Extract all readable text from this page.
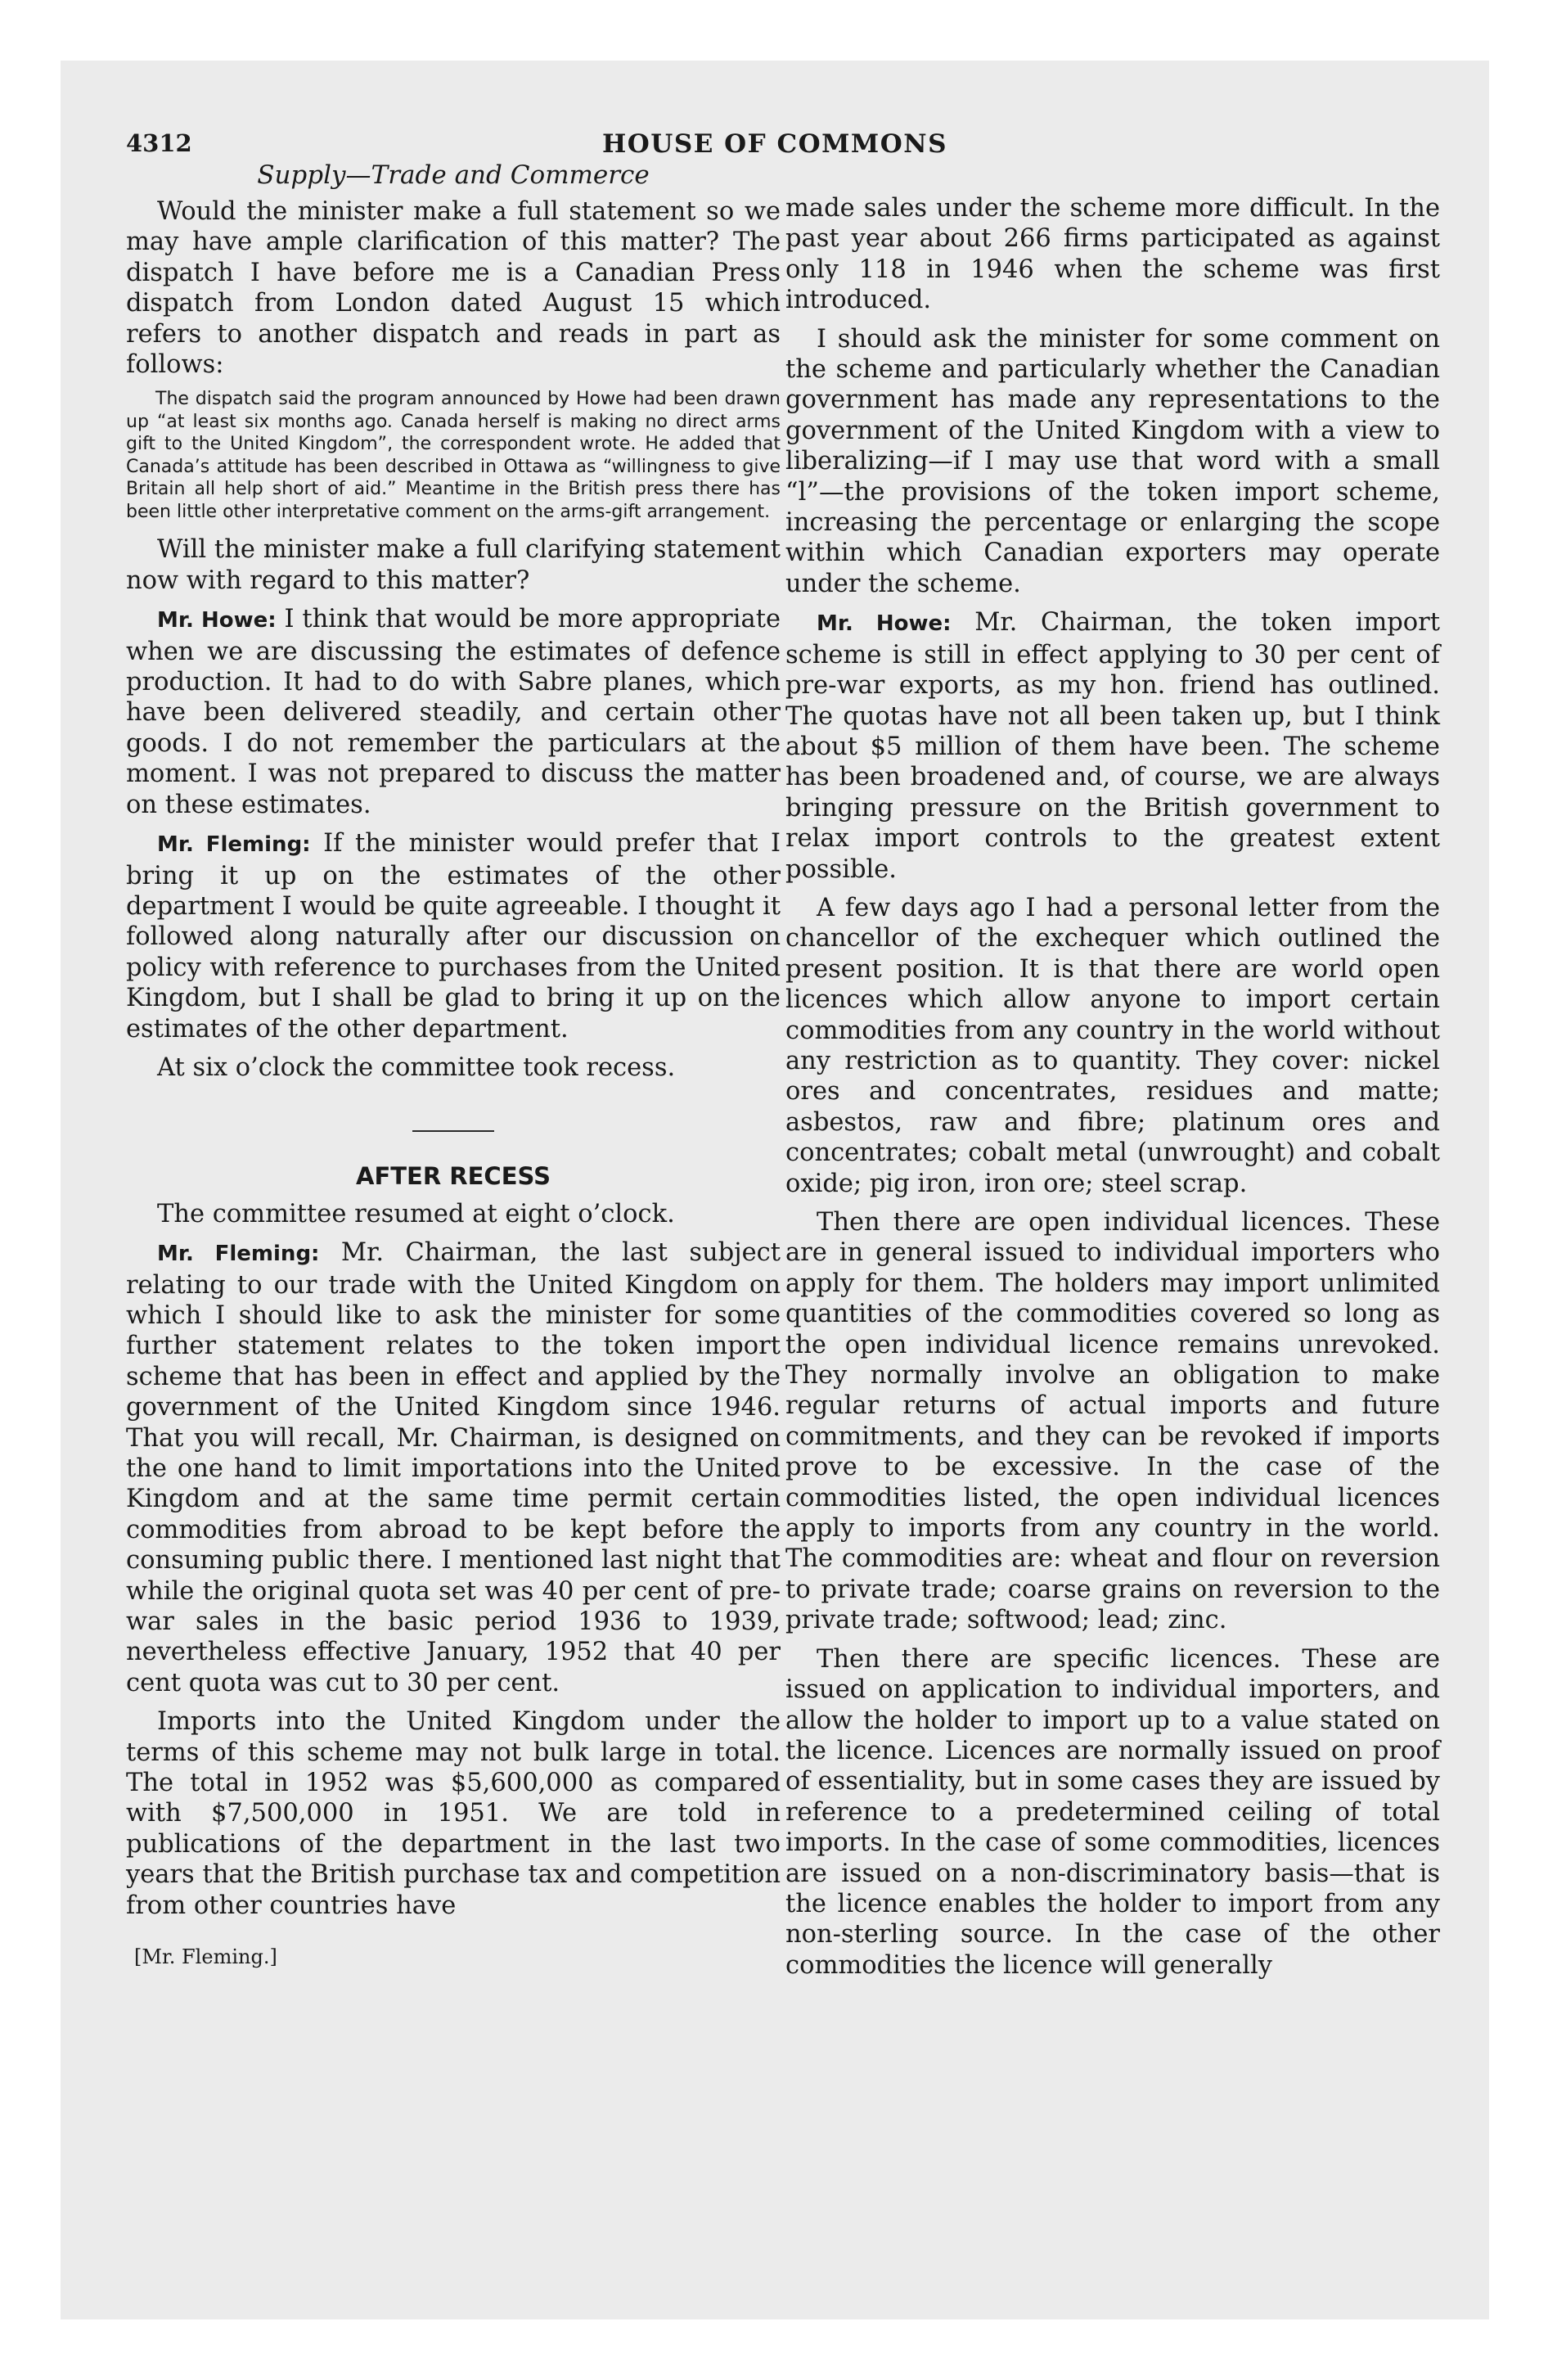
4312	HOUSE OF COMMONS
Supply—Trade and Commerce

Would the minister make a full statement so we may have ample clarification of this matter? The dispatch I have before me is a Canadian Press dispatch from London dated August 15 which refers to another dispatch and reads in part as follows:

The dispatch said the program announced by Howe had been drawn up “at least six months ago. Canada herself is making no direct arms gift to the United Kingdom”, the correspondent wrote. He added that Canada’s attitude has been described in Ottawa as “willingness to give Britain all help short of aid.” Meantime in the British press there has been little other interpretative comment on the arms-gift arrangement.

Will the minister make a full clarifying statement now with regard to this matter?

Mr. Howe: I think that would be more appropriate when we are discussing the estimates of defence production. It had to do with Sabre planes, which have been delivered steadily, and certain other goods. I do not remember the particulars at the moment. I was not prepared to discuss the matter on these estimates.

Mr. Fleming: If the minister would prefer that I bring it up on the estimates of the other department I would be quite agreeable. I thought it followed along naturally after our discussion on policy with reference to purchases from the United Kingdom, but I shall be glad to bring it up on the estimates of the other department.

At six o’clock the committee took recess.

AFTER RECESS

The committee resumed at eight o’clock.

Mr. Fleming: Mr. Chairman, the last subject relating to our trade with the United Kingdom on which I should like to ask the minister for some further statement relates to the token import scheme that has been in effect and applied by the government of the United Kingdom since 1946. That you will recall, Mr. Chairman, is designed on the one hand to limit importations into the United Kingdom and at the same time permit certain commodities from abroad to be kept before the consuming public there. I mentioned last night that while the original quota set was 40 per cent of pre-war sales in the basic period 1936 to 1939, nevertheless effective January, 1952 that 40 per cent quota was cut to 30 per cent.

Imports into the United Kingdom under the terms of this scheme may not bulk large in total. The total in 1952 was $5,600,000 as compared with $7,500,000 in 1951. We are told in publications of the department in the last two years that the British purchase tax and competition from other countries have

[Mr. Fleming.]

made sales under the scheme more difficult. In the past year about 266 firms participated as against only 118 in 1946 when the scheme was first introduced.

I should ask the minister for some comment on the scheme and particularly whether the Canadian government has made any representations to the government of the United Kingdom with a view to liberalizing—if I may use that word with a small “l”—the provisions of the token import scheme, increasing the percentage or enlarging the scope within which Canadian exporters may operate under the scheme.

Mr. Howe: Mr. Chairman, the token import scheme is still in effect applying to 30 per cent of pre-war exports, as my hon. friend has outlined. The quotas have not all been taken up, but I think about $5 million of them have been. The scheme has been broadened and, of course, we are always bringing pressure on the British government to relax import controls to the greatest extent possible.

A few days ago I had a personal letter from the chancellor of the exchequer which outlined the present position. It is that there are world open licences which allow anyone to import certain commodities from any country in the world without any restriction as to quantity. They cover: nickel ores and concentrates, residues and matte; asbestos, raw and fibre; platinum ores and concentrates; cobalt metal (unwrought) and cobalt oxide; pig iron, iron ore; steel scrap.

Then there are open individual licences. These are in general issued to individual importers who apply for them. The holders may import unlimited quantities of the commodities covered so long as the open individual licence remains unrevoked. They normally involve an obligation to make regular returns of actual imports and future commitments, and they can be revoked if imports prove to be excessive. In the case of the commodities listed, the open individual licences apply to imports from any country in the world. The commodities are: wheat and flour on reversion to private trade; coarse grains on reversion to the private trade; softwood; lead; zinc.

Then there are specific licences. These are issued on application to individual importers, and allow the holder to import up to a value stated on the licence. Licences are normally issued on proof of essentiality, but in some cases they are issued by reference to a predetermined ceiling of total imports. In the case of some commodities, licences are issued on a non-discriminatory basis—that is the licence enables the holder to import from any non-sterling source. In the case of the other commodities the licence will generally
